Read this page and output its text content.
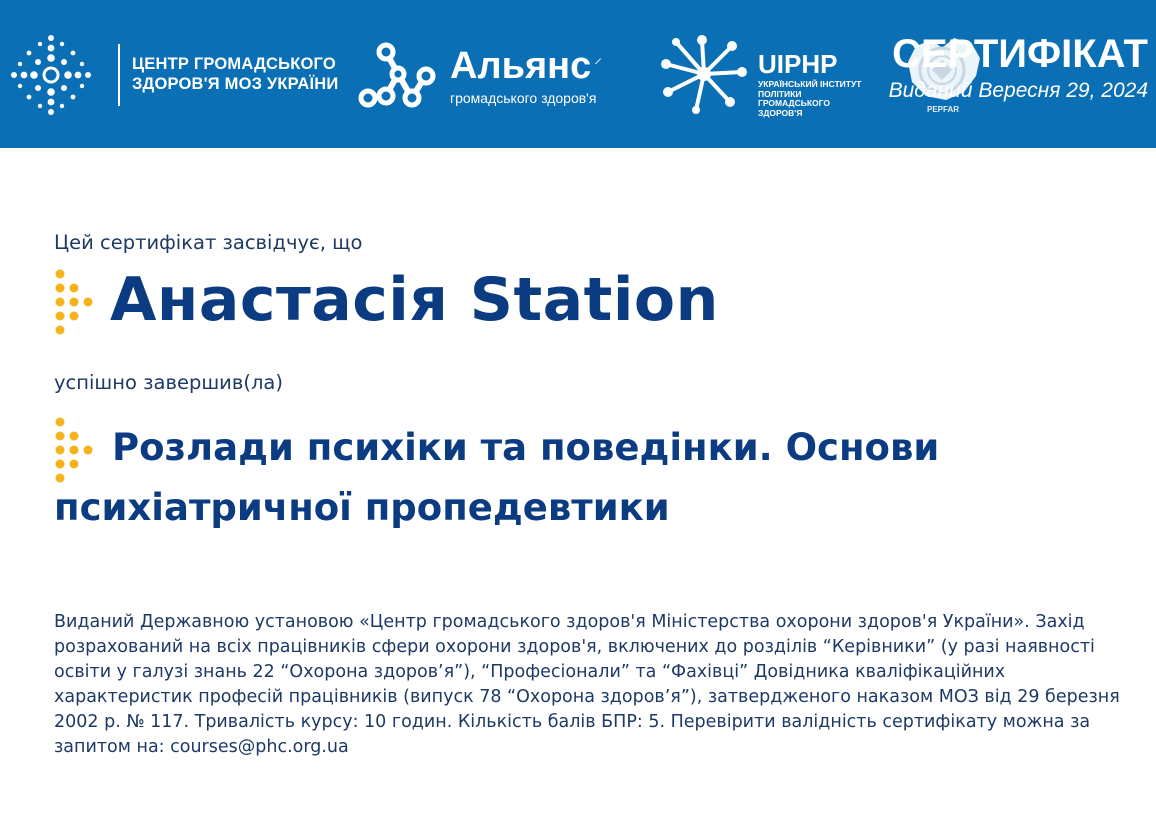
ЦЕНТР ГРОМАДСЬКОГО
ЗДОРОВ'Я МОЗ УКРАЇНИ	Альянс ⸝
громадського здоров'я
UIPHP
УКРАЇНСЬКИЙ ІНСТИТУТ ПОЛІТИКИ ГРОМАДСЬКОГО ЗДОРОВ'Я	PEPFAR
СЕРТИФІКАТ
Виданий Вересня 29, 2024
Цей сертифікат засвідчує, що
Анастасія Station
успішно завершив(ла)
Розлади психіки та поведінки. Основи психіатричної пропедевтики
Виданий Державною установою «Центр громадського здоров'я Міністерства охорони здоров'я України». Захід розрахований на всіх працівників сфери охорони здоров'я, включених до розділів “Керівники” (у разі наявності освіти у галузі знань 22 “Охорона здоров’я”), “Професіонали” та “Фахівці” Довідника кваліфікаційних характеристик професій працівників (випуск 78 “Охорона здоров’я”), затвердженого наказом МОЗ від 29 березня 2002 р. № 117. Тривалість курсу: 10 годин. Кількість балів БПР: 5. Перевірити валідність сертифікату можна за запитом на: courses@phc.org.ua
